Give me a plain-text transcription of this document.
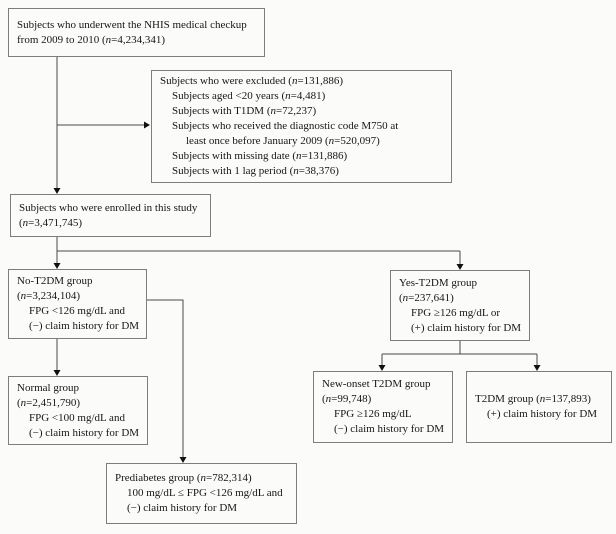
Subjects who underwent the NHIS medical checkup
from 2009 to 2010 (n=4,234,341)
Subjects who were excluded (n=131,886)
Subjects aged <20 years (n=4,481)
Subjects with T1DM (n=72,237)
Subjects who received the diagnostic code M750 at
least once before January 2009 (n=520,097)
Subjects with missing date (n=131,886)
Subjects with 1 lag period (n=38,376)
Subjects who were enrolled in this study
(n=3,471,745)
No-T2DM group
(n=3,234,104)
FPG <126 mg/dL and
(−) claim history for DM
Yes-T2DM group
(n=237,641)
FPG ≥126 mg/dL or
(+) claim history for DM
Normal group
(n=2,451,790)
FPG <100 mg/dL and
(−) claim history for DM
Prediabetes group (n=782,314)
100 mg/dL ≤ FPG <126 mg/dL and
(−) claim history for DM
New-onset T2DM group
(n=99,748)
FPG ≥126 mg/dL
(−) claim history for DM
T2DM group (n=137,893)
(+) claim history for DM
